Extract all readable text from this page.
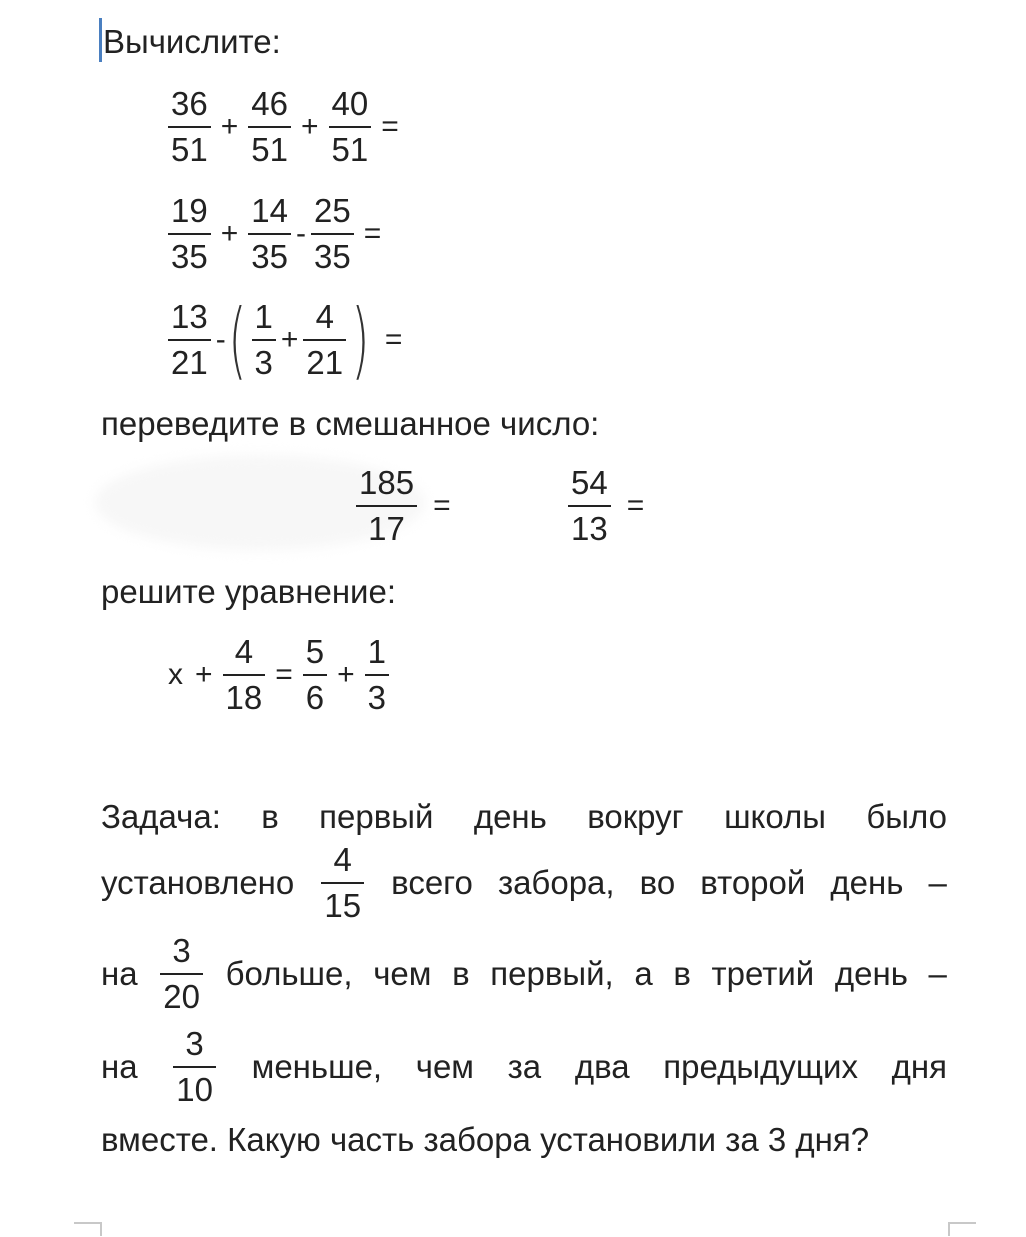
Вычислите:
$\frac{36}{51} + \frac{46}{51} + \frac{40}{51}$ =
$\frac{19}{35} + \frac{14}{35} - \frac{25}{35}$ =
$\frac{13}{21}$ - ( $\frac{1}{3} + \frac{4}{21}$ ) =
переведите в смешанное число:
$\frac{185}{17}$ =	$\frac{54}{13}$ =
решите уравнение:
$x + \frac{4}{18} = \frac{5}{6} + \frac{1}{3}$
Задача: в первый день вокруг школы было
установлено $\frac{4}{15}$ всего забора, во второй день –
на $\frac{3}{20}$ больше, чем в первый, а в третий день –
на $\frac{3}{10}$ меньше, чем за два предыдущих дня
вместе. Какую часть забора установили за 3 дня?
